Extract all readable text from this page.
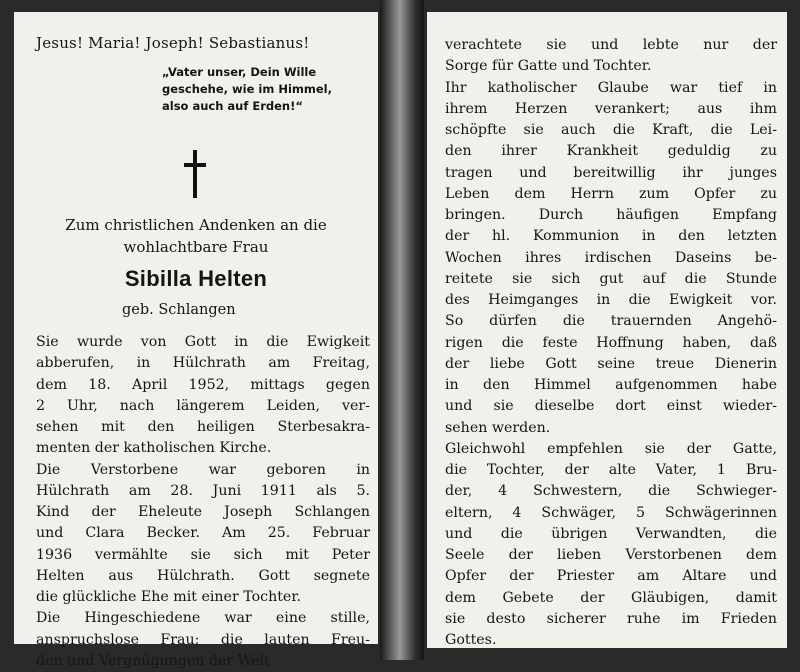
Jesus! Maria! Joseph! Sebastianus!
„Vater unser, Dein Wille
geschehe, wie im Himmel,
also auch auf Erden!“
Zum christlichen Andenken an die
wohlachtbare Frau
Sibilla Helten
geb. Schlangen
Sie wurde von Gott in die Ewigkeit
abberufen, in Hülchrath am Freitag,
dem 18. April 1952, mittags gegen
2 Uhr, nach längerem Leiden, ver-
sehen mit den heiligen Sterbesakra-
menten der katholischen Kirche.
Die Verstorbene war geboren in
Hülchrath am 28. Juni 1911 als 5.
Kind der Eheleute Joseph Schlangen
und Clara Becker. Am 25. Februar
1936 vermählte sie sich mit Peter
Helten aus Hülchrath. Gott segnete
die glückliche Ehe mit einer Tochter.
Die Hingeschiedene war eine stille,
anspruchslose Frau; die lauten Freu-
den und Vergnügungen der Welt
verachtete sie und lebte nur der
Sorge für Gatte und Tochter.
Ihr katholischer Glaube war tief in
ihrem Herzen verankert; aus ihm
schöpfte sie auch die Kraft, die Lei-
den ihrer Krankheit geduldig zu
tragen und bereitwillig ihr junges
Leben dem Herrn zum Opfer zu
bringen. Durch häufigen Empfang
der hl. Kommunion in den letzten
Wochen ihres irdischen Daseins be-
reitete sie sich gut auf die Stunde
des Heimganges in die Ewigkeit vor.
So dürfen die trauernden Angehö-
rigen die feste Hoffnung haben, daß
der liebe Gott seine treue Dienerin
in den Himmel aufgenommen habe
und sie dieselbe dort einst wieder-
sehen werden.
Gleichwohl empfehlen sie der Gatte,
die Tochter, der alte Vater, 1 Bru-
der, 4 Schwestern, die Schwieger-
eltern, 4 Schwäger, 5 Schwägerinnen
und die übrigen Verwandten, die
Seele der lieben Verstorbenen dem
Opfer der Priester am Altare und
dem Gebete der Gläubigen, damit
sie desto sicherer ruhe im Frieden
Gottes.
